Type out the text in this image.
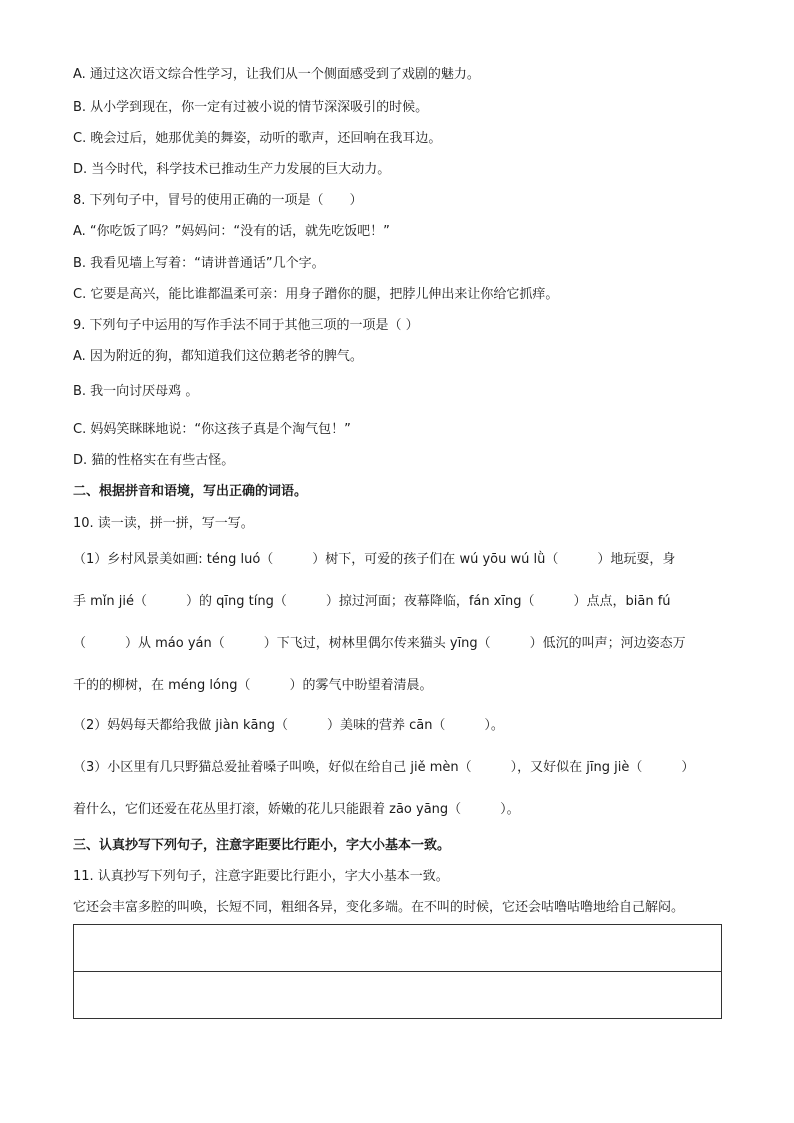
A. 通过这次语文综合性学习，让我们从一个侧面感受到了戏剧的魅力。
B. 从小学到现在，你一定有过被小说的情节深深吸引的时候。
C. 晚会过后，她那优美的舞姿，动听的歌声，还回响在我耳边。
D. 当今时代，科学技术已推动生产力发展的巨大动力。
8. 下列句子中，冒号的使用正确的一项是（　　）
A. “你吃饭了吗？”妈妈问：“没有的话，就先吃饭吧！”
B. 我看见墙上写着：“请讲普通话”几个字。
C. 它要是高兴，能比谁都温柔可亲：用身子蹭你的腿，把脖儿伸出来让你给它抓痒。
9. 下列句子中运用的写作手法不同于其他三项的一项是（ ）
A. 因为附近的狗，都知道我们这位鹅老爷的脾气。
B. 我一向讨厌母鸡 。
C. 妈妈笑眯眯地说：“你这孩子真是个淘气包！”
D. 猫的性格实在有些古怪。
二、根据拼音和语境，写出正确的词语。
10. 读一读，拼一拼，写一写。
（1）乡村风景美如画: téng luó（　　　）树下，可爱的孩子们在 wú yōu wú lǜ（　　　）地玩耍，身
手 mǐn jié（　　　）的 qīng tíng（　　　）掠过河面；夜幕降临，fán xīng（　　　）点点，biān fú
（　　　）从 máo yán（　　　）下飞过，树林里偶尔传来猫头 yīng（　　　）低沉的叫声；河边姿态万
千的的柳树，在 méng lóng（　　　）的雾气中盼望着清晨。
（2）妈妈每天都给我做 jiàn kāng（　　　）美味的营养 cān（　　　）。
（3）小区里有几只野猫总爱扯着嗓子叫唤，好似在给自己 jiě mèn（　　　），又好似在 jīng jiè（　　　）
着什么，它们还爱在花丛里打滚，娇嫩的花儿只能跟着 zāo yāng（　　　）。
三、认真抄写下列句子，注意字距要比行距小，字大小基本一致。
11. 认真抄写下列句子，注意字距要比行距小，字大小基本一致。
它还会丰富多腔的叫唤，长短不同，粗细各异，变化多端。在不叫的时候，它还会咕噜咕噜地给自己解闷。
